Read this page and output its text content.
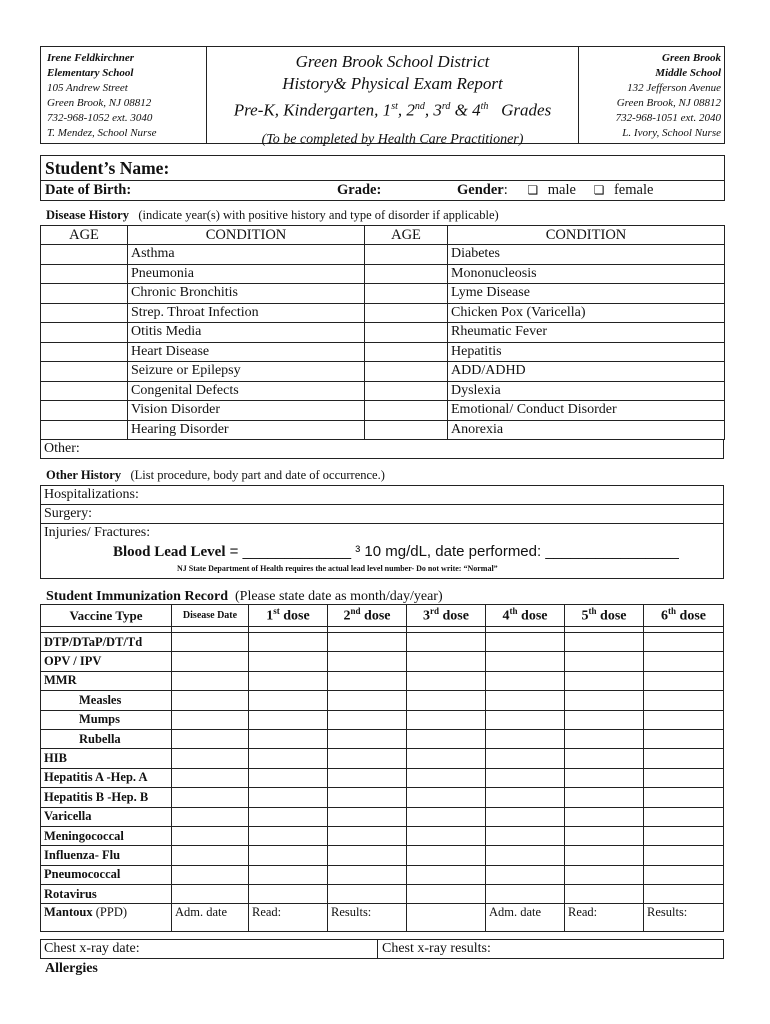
Irene Feldkirchner
Elementary School
105 Andrew Street
Green Brook, NJ 08812
732-968-1052 ext. 3040
T. Mendez, School Nurse
Green Brook School District
History& Physical Exam Report
Pre-K, Kindergarten, 1st, 2nd, 3rd & 4th Grades
(To be completed by Health Care Practitioner)
Green Brook
Middle School
132 Jefferson Avenue
Green Brook, NJ 08812
732-968-1051 ext. 2040
L. Ivory, School Nurse
Student’s Name:
Date of Birth:	Grade:	Gender: ❏ male ❏ female
Disease History (indicate year(s) with positive history and type of disorder if applicable)
AGE	CONDITION	AGE	CONDITION
	Asthma		Diabetes
	Pneumonia		Mononucleosis
	Chronic Bronchitis		Lyme Disease
	Strep. Throat Infection		Chicken Pox (Varicella)
	Otitis Media		Rheumatic Fever
	Heart Disease		Hepatitis
	Seizure or Epilepsy		ADD/ADHD
	Congenital Defects		Dyslexia
	Vision Disorder		Emotional/ Conduct Disorder
	Hearing Disorder		Anorexia
Other:
Other History (List procedure, body part and date of occurrence.)
Hospitalizations:
Surgery:
Injuries/ Fractures:
Blood Lead Level = _____________ ³ 10 mg/dL, date performed: ________________
NJ State Department of Health requires the actual lead level number- Do not write: “Normal”
Student Immunization Record (Please state date as month/day/year)
Vaccine Type	Disease Date	1st dose	2nd dose	3rd dose	4th dose	5th dose	6th dose

DTP/DTaP/DT/Td							
OPV / IPV							
MMR							
Measles							
Mumps							
Rubella							
HIB							
Hepatitis A -Hep. A							
Hepatitis B -Hep. B							
Varicella							
Meningococcal							
Influenza- Flu							
Pneumococcal							
Rotavirus							
Mantoux (PPD)	Adm. date	Read:	Results:		Adm. date	Read:	Results:
Chest x-ray date:	Chest x-ray results:
Allergies
